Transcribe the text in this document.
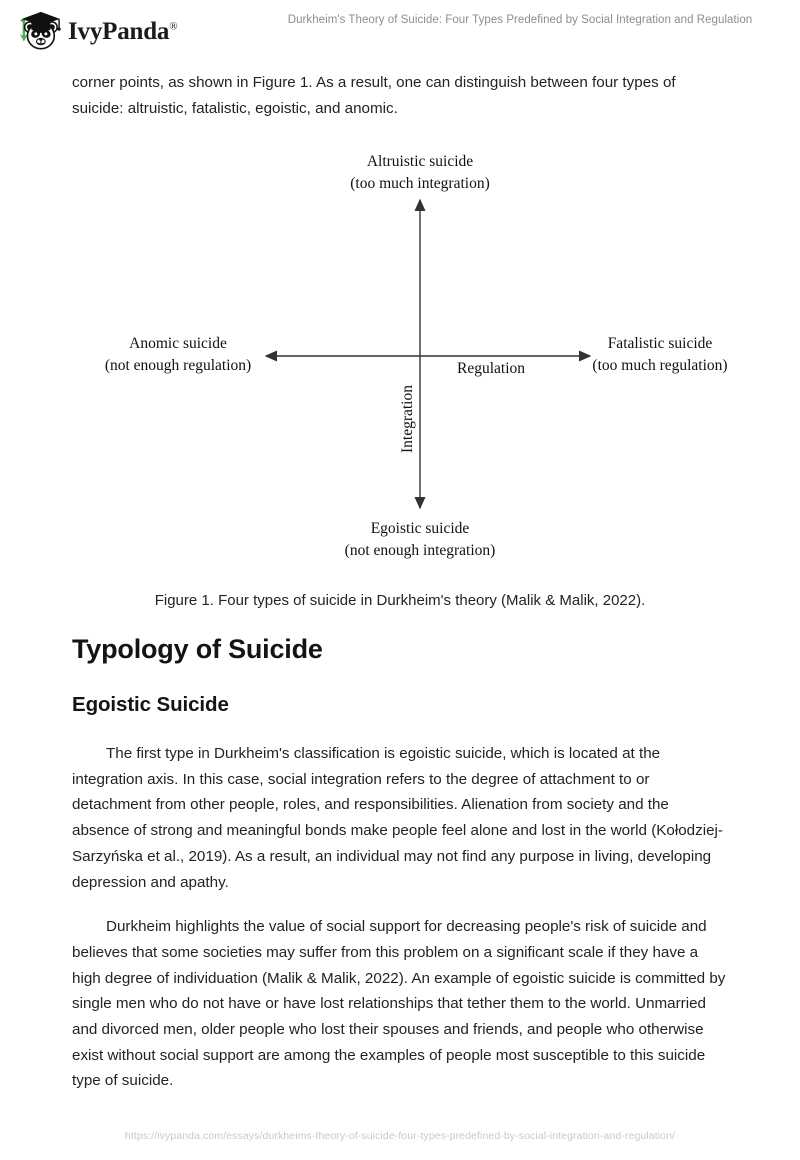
IvyPanda®
Durkheim's Theory of Suicide: Four Types Predefined by Social Integration and Regulation

corner points, as shown in Figure 1. As a result, one can distinguish between four types of suicide: altruistic, fatalistic, egoistic, and anomic.

Altruistic suicide
(too much integration)
Anomic suicide
(not enough regulation)
Fatalistic suicide
(too much regulation)
Egoistic suicide
(not enough integration)
Regulation
Integration
Figure 1. Four types of suicide in Durkheim's theory (Malik & Malik, 2022).
Typology of Suicide
Egoistic Suicide

The first type in Durkheim's classification is egoistic suicide, which is located at the integration axis. In this case, social integration refers to the degree of attachment to or detachment from other people, roles, and responsibilities. Alienation from society and the absence of strong and meaningful bonds make people feel alone and lost in the world (Kołodziej-Sarzyńska et al., 2019). As a result, an individual may not find any purpose in living, developing depression and apathy.

Durkheim highlights the value of social support for decreasing people's risk of suicide and believes that some societies may suffer from this problem on a significant scale if they have a high degree of individuation (Malik & Malik, 2022). An example of egoistic suicide is committed by single men who do not have or have lost relationships that tether them to the world. Unmarried and divorced men, older people who lost their spouses and friends, and people who otherwise exist without social support are among the examples of people most susceptible to this suicide type of suicide.

https://ivypanda.com/essays/durkheims-theory-of-suicide-four-types-predefined-by-social-integration-and-regulation/
